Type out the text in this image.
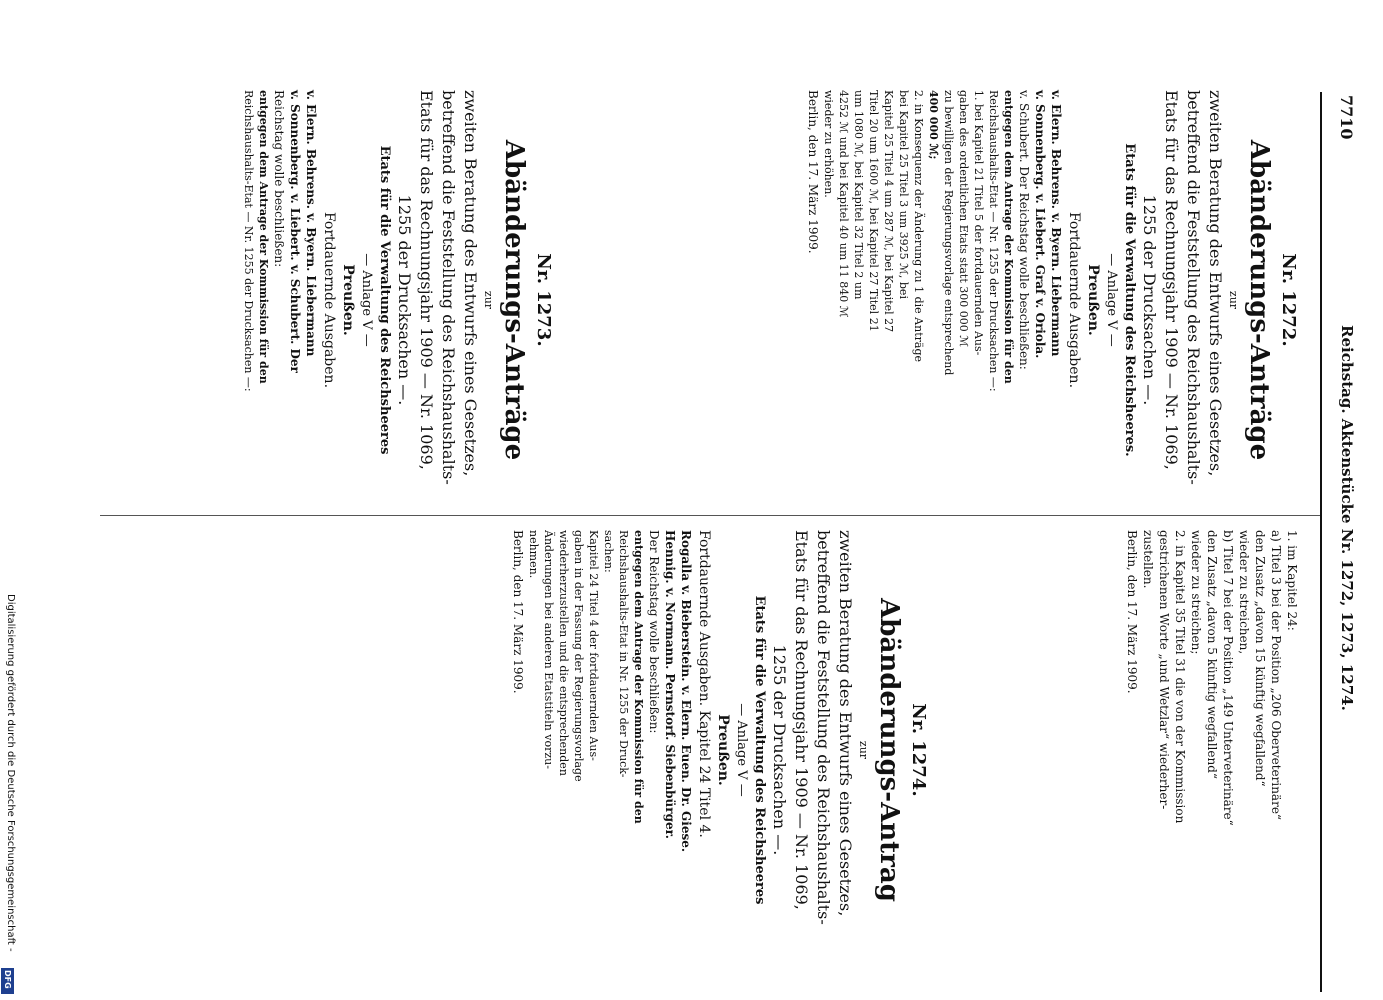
7710
Reichstag. Aktenstücke Nr. 1272, 1273, 1274.
Nr. 1272.
Abänderungs-Anträge
zur
zweiten Beratung des Entwurfs eines Gesetzes,
betreffend die Feststellung des Reichshaushalts-
Etats für das Rechnungsjahr 1909 — Nr. 1069,
1255 der Drucksachen —.
Etats für die Verwaltung des Reichsheeres.
— Anlage V —
Preußen.
Fortdauernde Ausgaben.
v. Elern. Behrens. v. Byern. Liebermann
v. Sonnenberg. v. Liebert. Graf v. Oriola.
v. Schubert. Der Reichstag wolle beschließen:
entgegen dem Antrage der Kommission für den
Reichshaushalts-Etat — Nr. 1255 der Drucksachen —:
1. bei Kapitel 21 Titel 5 der fortdauernden Aus-
gaben des ordentlichen Etats statt 300 000 ℳ
zu bewilligen der Regierungsvorlage entsprechend
400 000 ℳ;
2. in Konsequenz der Änderung zu 1 die Anträge
bei Kapitel 25 Titel 3 um 3925 ℳ, bei
Kapitel 25 Titel 4 um 287 ℳ, bei Kapitel 27
Titel 20 um 1600 ℳ, bei Kapitel 27 Titel 21
um 1080 ℳ, bei Kapitel 32 Titel 2 um
4252 ℳ und bei Kapitel 40 um 11 840 ℳ
wieder zu erhöhen.
Berlin, den 17. März 1909.
Nr. 1273.
Abänderungs-Anträge
zur
zweiten Beratung des Entwurfs eines Gesetzes,
betreffend die Feststellung des Reichshaushalts-
Etats für das Rechnungsjahr 1909 — Nr. 1069,
1255 der Drucksachen —.
Etats für die Verwaltung des Reichsheeres
— Anlage V —
Preußen.
Fortdauernde Ausgaben.
v. Elern. Behrens. v. Byern. Liebermann
v. Sonnenberg. v. Liebert. v. Schubert. Der
Reichstag wolle beschließen:
entgegen dem Antrage der Kommission für den
Reichshaushalts-Etat — Nr. 1255 der Drucksachen —:
1. im Kapitel 24:
a) Titel 3 bei der Position „206 Oberveterinäre“
den Zusatz „davon 15 künftig wegfallend“
wieder zu streichen,
b) Titel 7 bei der Position „149 Unterveterinäre“
den Zusatz „davon 5 künftig wegfallend“
wieder zu streichen;
2. in Kapitel 35 Titel 31 die von der Kommission
gestrichenen Worte „und Wetzlar“ wiederher-
zustellen.
Berlin, den 17. März 1909.
Nr. 1274.
Abänderungs-Antrag
zur
zweiten Beratung des Entwurfs eines Gesetzes,
betreffend die Feststellung des Reichshaushalts-
Etats für das Rechnungsjahr 1909 — Nr. 1069,
1255 der Drucksachen —.
Etats für die Verwaltung des Reichsheeres
— Anlage V —
Preußen.
Fortdauernde Ausgaben. Kapitel 24 Titel 4.
Rogalla v. Bieberstein. v. Elern. Euen. Dr. Giese.
Hennig. v. Normann. Pernstorf. Siebenbürger.
Der Reichstag wolle beschließen:
entgegen dem Antrage der Kommission für den
Reichshaushalts-Etat in Nr. 1255 der Druck-
sachen:
Kapitel 24 Titel 4 der fortdauernden Aus-
gaben in der Fassung der Regierungsvorlage
wiederherzustellen und die entsprechenden
Änderungen bei anderen Etatstiteln vorzu-
nehmen.
Berlin, den 17. März 1909.
Digitalisierung gefördert durch die Deutsche Forschungsgemeinschaft -
DFG
